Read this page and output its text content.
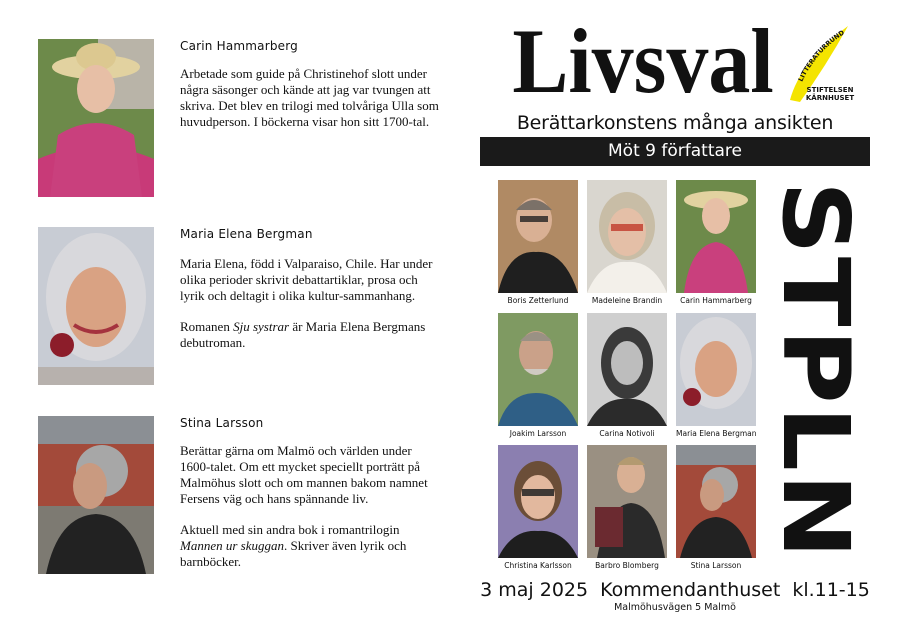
Carin Hammarberg

Arbetade som guide på Christinehof slott under några säsonger och kände att jag var tvungen att skriva. Det blev en trilogi med tolvåriga Ulla som huvudperson. I böckerna visar hon sitt 1700-tal.

Maria Elena Bergman

Maria Elena, född i Valparaiso, Chile. Har under olika perioder skrivit debattartiklar, prosa och lyrik och deltagit i olika kultur-sammanhang.

Romanen Sju systrar är Maria Elena Bergmans debutroman.

Stina Larsson

Berättar gärna om Malmö och världen under 1600-talet. Om ett mycket speciellt porträtt på Malmöhus slott och om mannen bakom namnet Fersens väg och hans spännande liv.

Aktuell med sin andra bok i romantrilogin Mannen ur skuggan. Skriver även lyrik och barnböcker.

Livsval	LITTERATURRUND
STIFTELSEN
KÄRNHUSET
Berättarkonstens många ansikten
Möt 9 författare
Boris Zetterlund	Madeleine Brandin	Carin Hammarberg
Joakim Larsson	Carina Notivoli	Maria Elena Bergman
Christina Karlsson	Barbro Blomberg	Stina Larsson
STPLN
3 maj 2025 Kommendanthuset kl.11-15
Malmöhusvägen 5 Malmö
